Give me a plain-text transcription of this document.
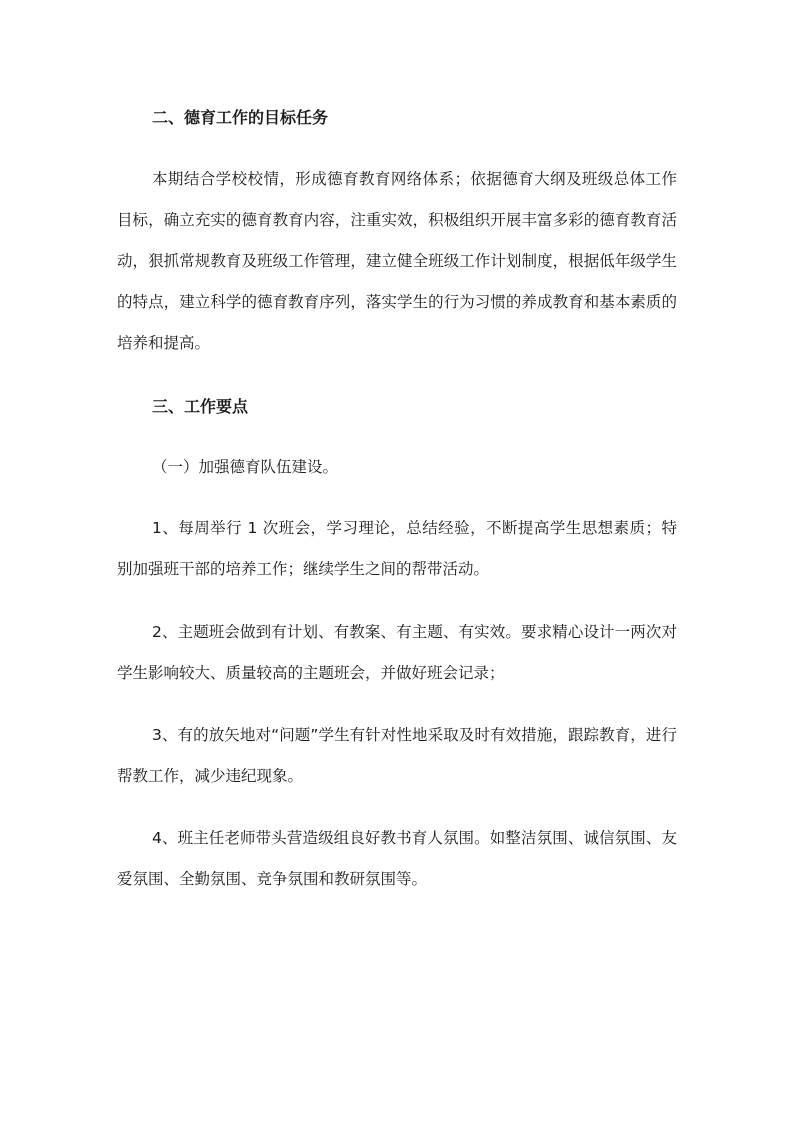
二、德育工作的目标任务

本期结合学校校情，形成德育教育网络体系；依据德育大纲及班级总体工作目标，确立充实的德育教育内容，注重实效，积极组织开展丰富多彩的德育教育活动，狠抓常规教育及班级工作管理，建立健全班级工作计划制度，根据低年级学生的特点，建立科学的德育教育序列，落实学生的行为习惯的养成教育和基本素质的培养和提高。

三、工作要点

（一）加强德育队伍建设。

1、每周举行 1 次班会，学习理论，总结经验，不断提高学生思想素质；特别加强班干部的培养工作；继续学生之间的帮带活动。

2、主题班会做到有计划、有教案、有主题、有实效。要求精心设计一两次对学生影响较大、质量较高的主题班会，并做好班会记录；

3、有的放矢地对“问题”学生有针对性地采取及时有效措施，跟踪教育，进行帮教工作，减少违纪现象。

4、班主任老师带头营造级组良好教书育人氛围。如整洁氛围、诚信氛围、友爱氛围、全勤氛围、竞争氛围和教研氛围等。
